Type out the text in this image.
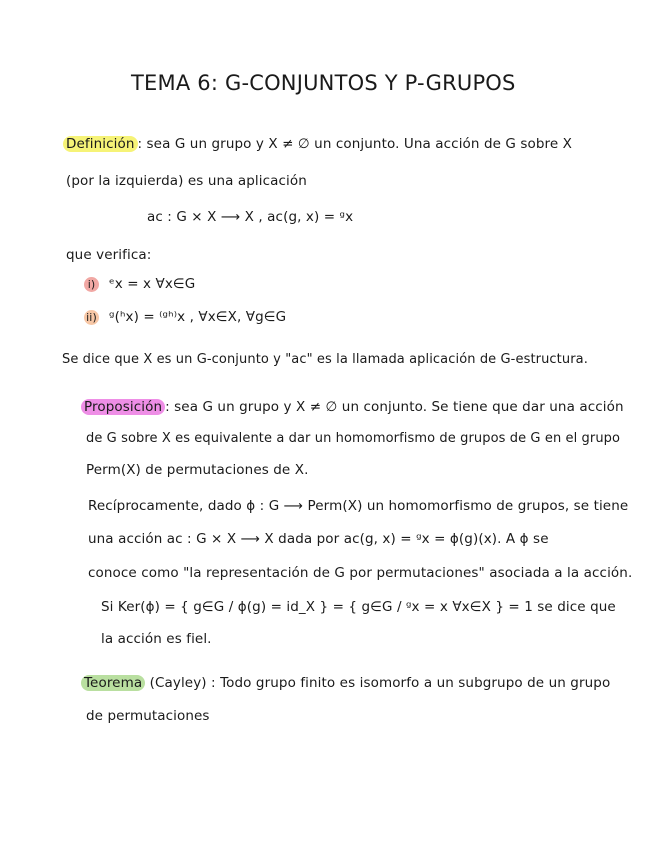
TEMA 6: G-CONJUNTOS Y P-GRUPOS
Definición : sea G un grupo y X ≠ ∅ un conjunto. Una acción de G sobre X
(por la izquierda) es una aplicación
ac : G × X ⟶ X , ac(g, x) = ᵍx
que verifica:
i) ᵉx = x ∀x∈G
ii) ᵍ(ʰx) = ⁽ᵍʰ⁾x , ∀x∈X, ∀g∈G
Se dice que X es un G-conjunto y "ac" es la llamada aplicación de G-estructura.
Proposición : sea G un grupo y X ≠ ∅ un conjunto. Se tiene que dar una acción
de G sobre X es equivalente a dar un homomorfismo de grupos de G en el grupo
Perm(X) de permutaciones de X.
Recíprocamente, dado ϕ : G ⟶ Perm(X) un homomorfismo de grupos, se tiene
una acción ac : G × X ⟶ X dada por ac(g, x) = ᵍx = ϕ(g)(x). A ϕ se
conoce como "la representación de G por permutaciones" asociada a la acción.
Si Ker(ϕ) = { g∈G / ϕ(g) = id_X } = { g∈G / ᵍx = x ∀x∈X } = 1 se dice que
la acción es fiel.
Teorema (Cayley) : Todo grupo finito es isomorfo a un subgrupo de un grupo
de permutaciones
